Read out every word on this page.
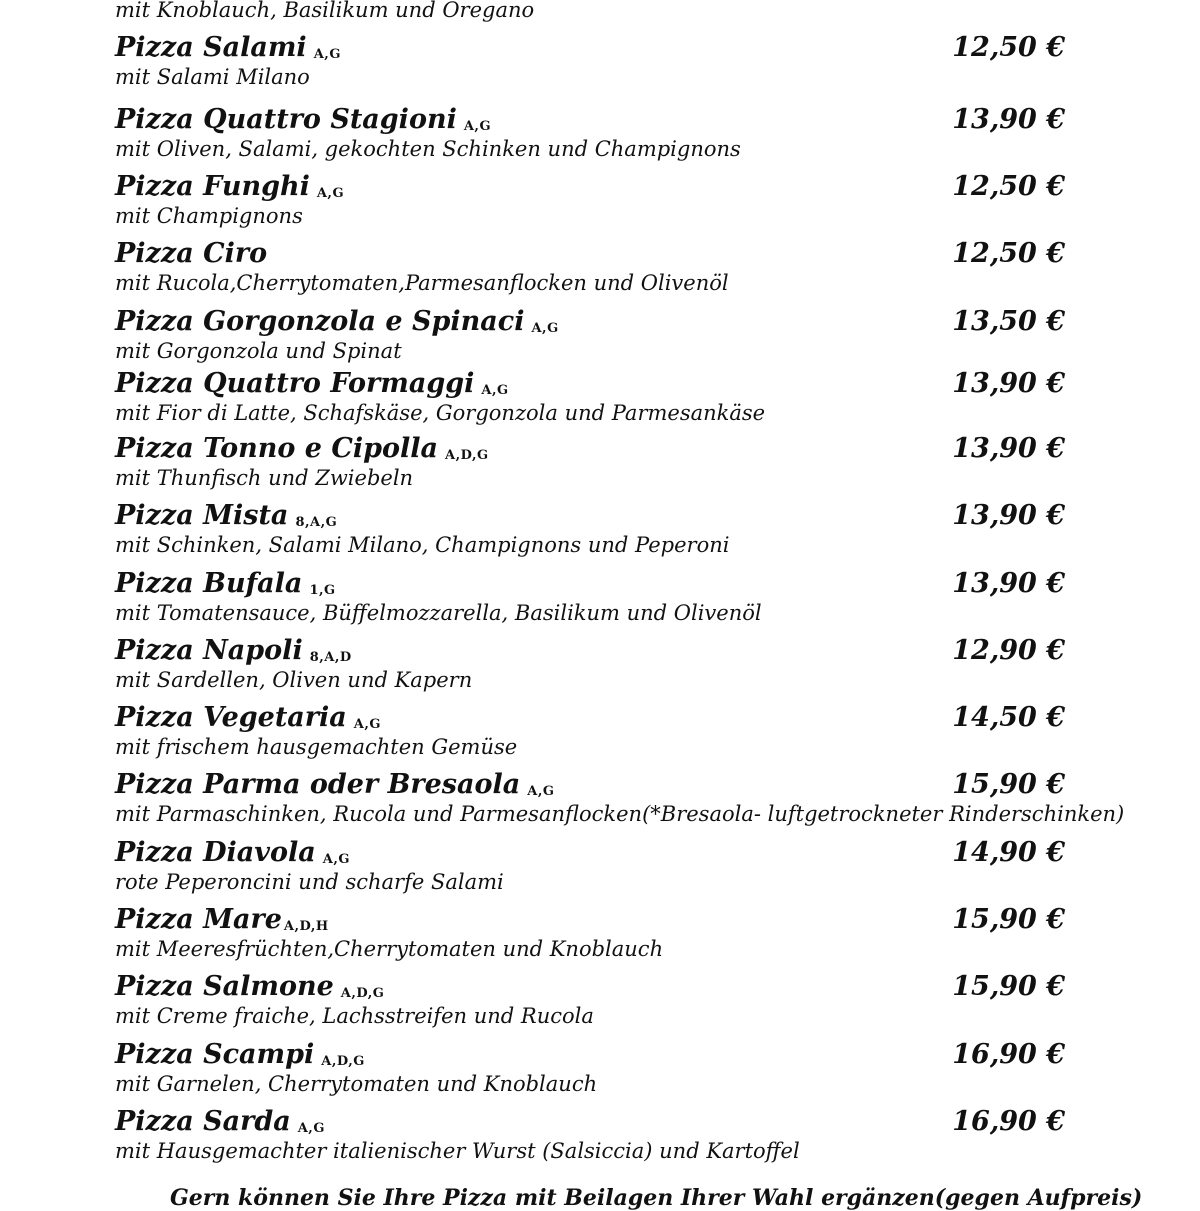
mit Knoblauch, Basilikum und Oregano
Pizza Salami A,G	12,50 €
mit Salami Milano
Pizza Quattro Stagioni A,G	13,90 €
mit Oliven, Salami, gekochten Schinken und Champignons
Pizza Funghi A,G	12,50 €
mit Champignons
Pizza Ciro	12,50 €
mit Rucola,Cherrytomaten,Parmesanflocken und Olivenöl
Pizza Gorgonzola e Spinaci A,G	13,50 €
mit Gorgonzola und Spinat
Pizza Quattro Formaggi A,G	13,90 €
mit Fior di Latte, Schafskäse, Gorgonzola und Parmesankäse
Pizza Tonno e Cipolla A,D,G	13,90 €
mit Thunfisch und Zwiebeln
Pizza Mista 8,A,G	13,90 €
mit Schinken, Salami Milano, Champignons und Peperoni
Pizza Bufala 1,G	13,90 €
mit Tomatensauce, Büffelmozzarella, Basilikum und Olivenöl
Pizza Napoli 8,A,D	12,90 €
mit Sardellen, Oliven und Kapern
Pizza Vegetaria A,G	14,50 €
mit frischem hausgemachten Gemüse
Pizza Parma oder Bresaola A,G	15,90 €
mit Parmaschinken, Rucola und Parmesanflocken(*Bresaola- luftgetrockneter Rinderschinken)
Pizza Diavola A,G	14,90 €
rote Peperoncini und scharfe Salami
Pizza Mare A,D,H	15,90 €
mit Meeresfrüchten,Cherrytomaten und Knoblauch
Pizza Salmone A,D,G	15,90 €
mit Creme fraiche, Lachsstreifen und Rucola
Pizza Scampi A,D,G	16,90 €
mit Garnelen, Cherrytomaten und Knoblauch
Pizza Sarda A,G	16,90 €
mit Hausgemachter italienischer Wurst (Salsiccia) und Kartoffel
Gern können Sie Ihre Pizza mit Beilagen Ihrer Wahl ergänzen(gegen Aufpreis)
